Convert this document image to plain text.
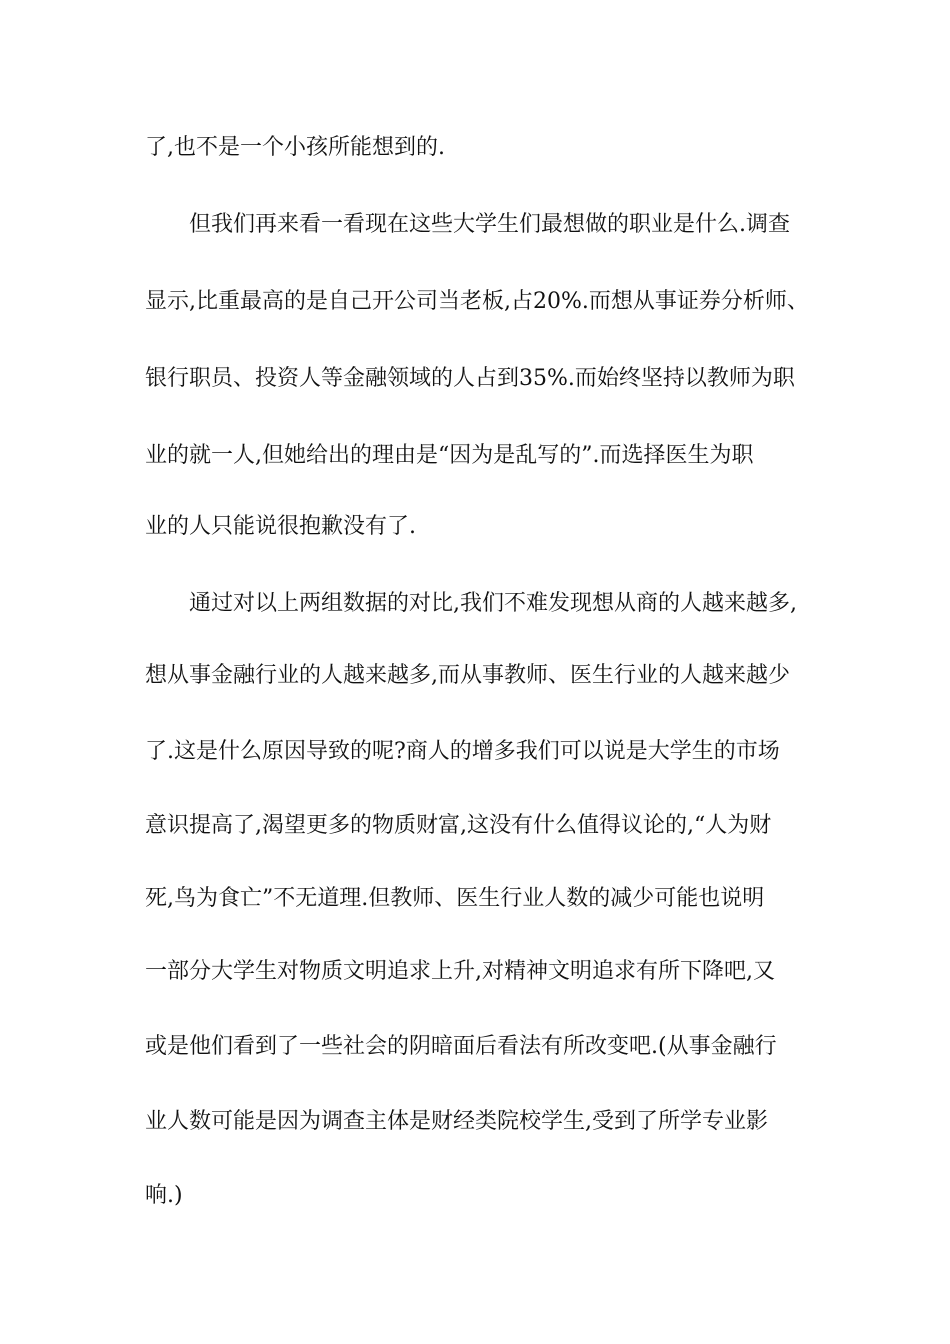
了,也不是一个小孩所能想到的.
但我们再来看一看现在这些大学生们最想做的职业是什么.调查
显示,比重最高的是自己开公司当老板,占20%.而想从事证券分析师、
银行职员、投资人等金融领域的人占到35%.而始终坚持以教师为职
业的就一人,但她给出的理由是“因为是乱写的”.而选择医生为职
业的人只能说很抱歉没有了.
通过对以上两组数据的对比,我们不难发现想从商的人越来越多,
想从事金融行业的人越来越多,而从事教师、医生行业的人越来越少
了.这是什么原因导致的呢?商人的增多我们可以说是大学生的市场
意识提高了,渴望更多的物质财富,这没有什么值得议论的,“人为财
死,鸟为食亡”不无道理.但教师、医生行业人数的减少可能也说明
一部分大学生对物质文明追求上升,对精神文明追求有所下降吧,又
或是他们看到了一些社会的阴暗面后看法有所改变吧.(从事金融行
业人数可能是因为调查主体是财经类院校学生,受到了所学专业影
响.)
